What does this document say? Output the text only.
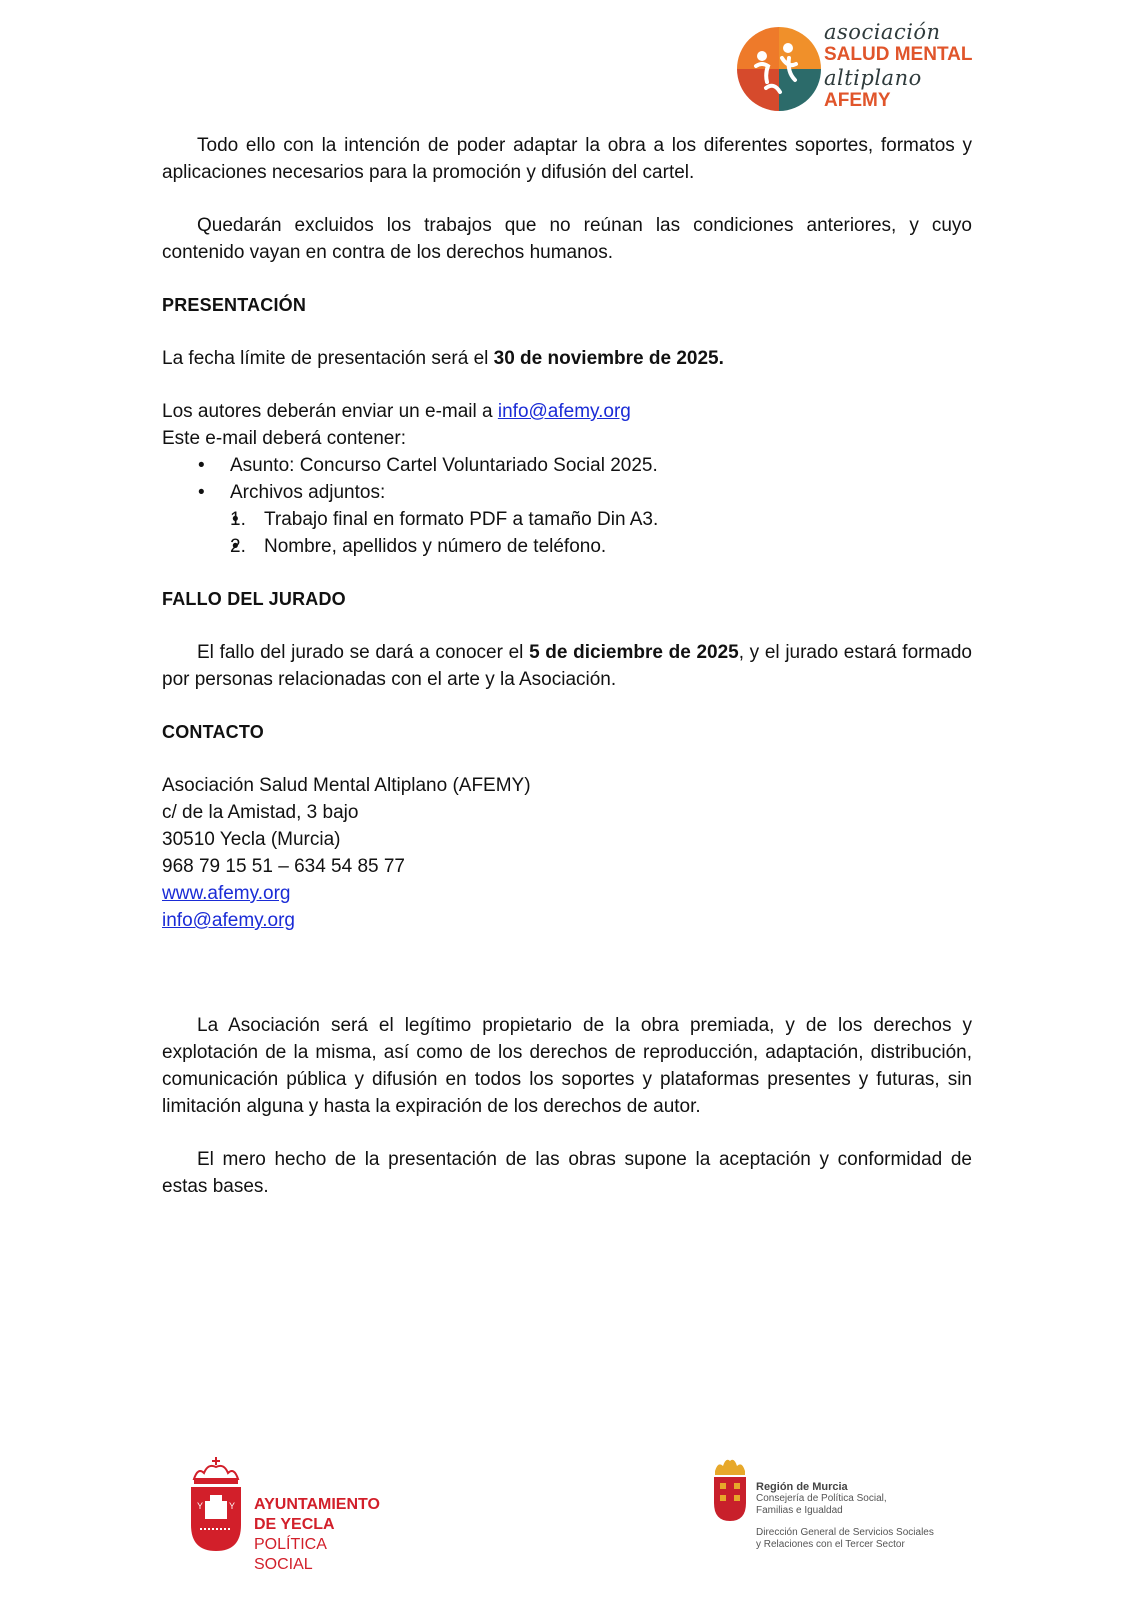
asociación
SALUD MENTAL
altiplano
AFEMY

Todo ello con la intención de poder adaptar la obra a los diferentes soportes, formatos y aplicaciones necesarios para la promoción y difusión del cartel.

Quedarán excluidos los trabajos que no reúnan las condiciones anteriores, y cuyo contenido vayan en contra de los derechos humanos.

PRESENTACIÓN

La fecha límite de presentación será el 30 de noviembre de 2025.

Los autores deberán enviar un e-mail a info@afemy.org

Este e-mail deberá contener:

• Asunto: Concurso Cartel Voluntariado Social 2025.
• Archivos adjuntos:
• 1. Trabajo final en formato PDF a tamaño Din A3.
• 2. Nombre, apellidos y número de teléfono.

FALLO DEL JURADO

El fallo del jurado se dará a conocer el 5 de diciembre de 2025, y el jurado estará formado por personas relacionadas con el arte y la Asociación.

CONTACTO

Asociación Salud Mental Altiplano (AFEMY)

c/ de la Amistad, 3 bajo

30510 Yecla (Murcia)

968 79 15 51 – 634 54 85 77

www.afemy.org

info@afemy.org

La Asociación será el legítimo propietario de la obra premiada, y de los derechos y explotación de la misma, así como de los derechos de reproducción, adaptación, distribución, comunicación pública y difusión en todos los soportes y plataformas presentes y futuras, sin limitación alguna y hasta la expiración de los derechos de autor.

El mero hecho de la presentación de las obras supone la aceptación y conformidad de estas bases.

Y	Y AYUNTAMIENTO
DE YECLA
POLÍTICA
SOCIAL
Región de Murcia
Consejería de Política Social,
Familias e Igualdad
Dirección General de Servicios Sociales
y Relaciones con el Tercer Sector
